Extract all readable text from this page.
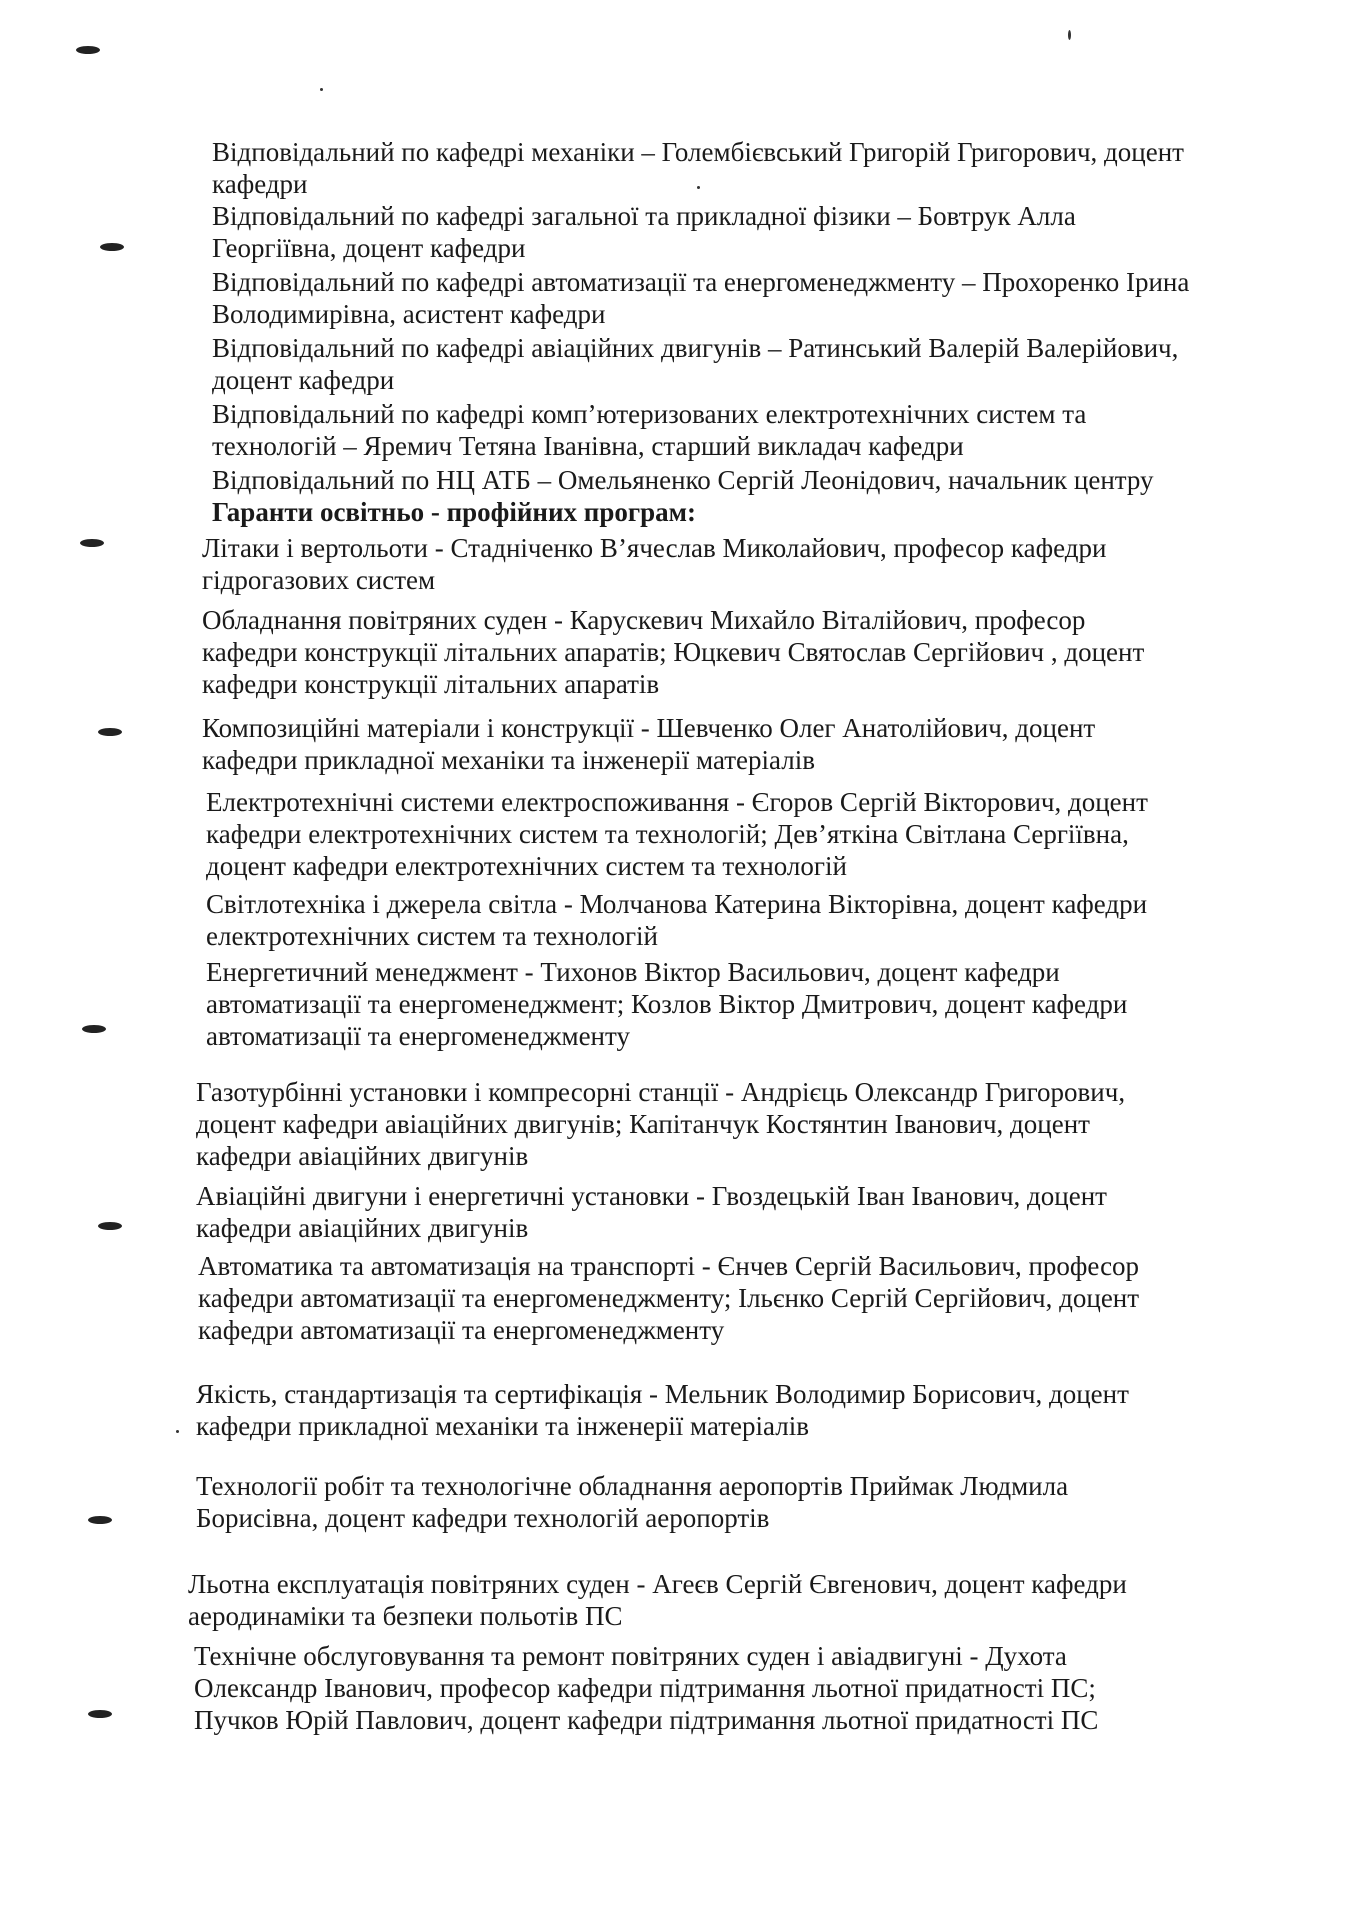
Відповідальний по кафедрі механіки – Голембієвський Григорій Григорович, доцент
кафедри
Відповідальний по кафедрі загальної та прикладної фізики – Бовтрук Алла
Георгіївна, доцент кафедри
Відповідальний по кафедрі автоматизації та енергоменеджменту – Прохоренко Ірина
Володимирівна, асистент кафедри
Відповідальний по кафедрі авіаційних двигунів – Ратинський Валерій Валерійович,
доцент кафедри
Відповідальний по кафедрі комп’ютеризованих електротехнічних систем та
технологій – Яремич Тетяна Іванівна, старший викладач кафедри
Відповідальний по НЦ АТБ – Омельяненко Сергій Леонідович, начальник центру
Гаранти освітньо - профійних програм:
Літаки і вертольоти - Стадніченко В’ячеслав Миколайович, професор кафедри
гідрогазових систем
Обладнання повітряних суден - Карускевич Михайло Віталійович, професор
кафедри конструкції літальних апаратів; Юцкевич Святослав Сергійович , доцент
кафедри конструкції літальних апаратів
Композиційні матеріали і конструкції - Шевченко Олег Анатолійович, доцент
кафедри прикладної механіки та інженерії матеріалів
Електротехнічні системи електроспоживання - Єгоров Сергій Вікторович, доцент
кафедри електротехнічних систем та технологій; Дев’яткіна Світлана Сергіївна,
доцент кафедри електротехнічних систем та технологій
Світлотехніка і джерела світла - Молчанова Катерина Вікторівна, доцент кафедри
електротехнічних систем та технологій
Енергетичний менеджмент - Тихонов Віктор Васильович, доцент кафедри
автоматизації та енергоменеджмент; Козлов Віктор Дмитрович, доцент кафедри
автоматизації та енергоменеджменту
Газотурбінні установки і компресорні станції - Андрієць Олександр Григорович,
доцент кафедри авіаційних двигунів; Капітанчук Костянтин Іванович, доцент
кафедри авіаційних двигунів
Авіаційні двигуни і енергетичні установки - Гвоздецькій Іван Іванович, доцент
кафедри авіаційних двигунів
Автоматика та автоматизація на транспорті - Єнчев Сергій Васильович, професор
кафедри автоматизації та енергоменеджменту; Ільєнко Сергій Сергійович, доцент
кафедри автоматизації та енергоменеджменту
Якість, стандартизація та сертифікація - Мельник Володимир Борисович, доцент
кафедри прикладної механіки та інженерії матеріалів
Технології робіт та технологічне обладнання аеропортів Приймак Людмила
Борисівна, доцент кафедри технологій аеропортів
Льотна експлуатація повітряних суден - Агеєв Сергій Євгенович, доцент кафедри
аеродинаміки та безпеки польотів ПС
Технічне обслуговування та ремонт повітряних суден і авіадвигуні - Духота
Олександр Іванович, професор кафедри підтримання льотної придатності ПС;
Пучков Юрій Павлович, доцент кафедри підтримання льотної придатності ПС
